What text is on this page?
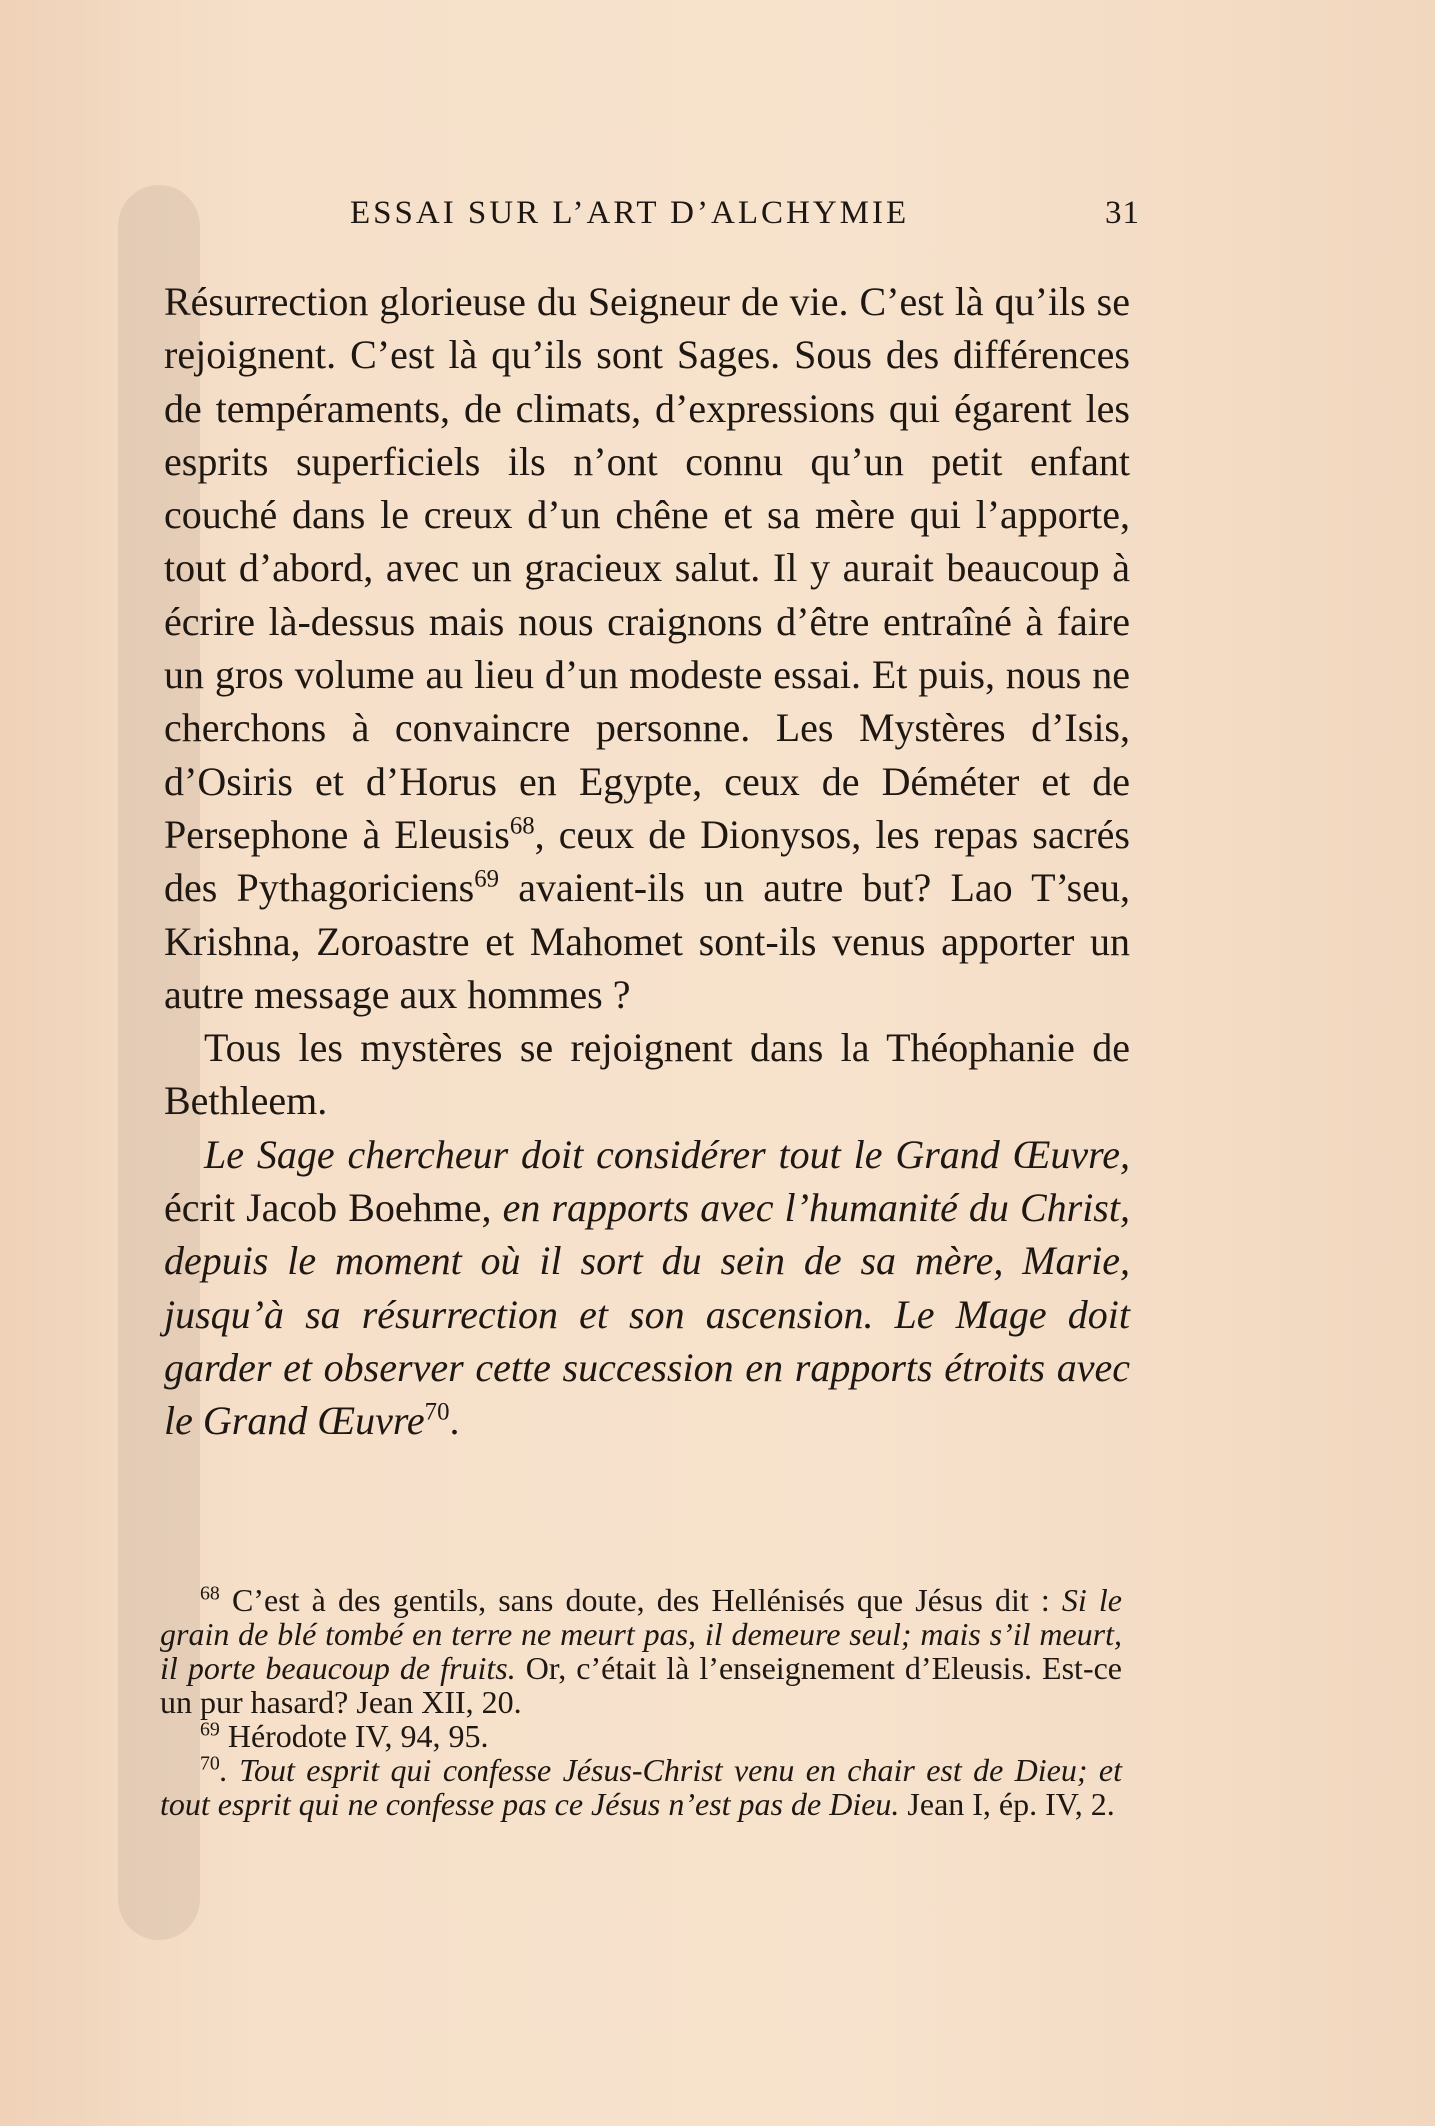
ESSAI SUR L’ART D’ALCHYMIE	31

Résurrection glorieuse du Seigneur de vie. C’est là qu’ils se rejoignent. C’est là qu’ils sont Sages. Sous des différences de tempéraments, de climats, d’expressions qui égarent les esprits superficiels ils n’ont connu qu’un petit enfant couché dans le creux d’un chêne et sa mère qui l’apporte, tout d’abord, avec un gracieux salut. Il y aurait beaucoup à écrire là-dessus mais nous craignons d’être entraîné à faire un gros volume au lieu d’un modeste essai. Et puis, nous ne cherchons à convaincre personne. Les Mystères d’Isis, d’Osiris et d’Horus en Egypte, ceux de Déméter et de Persephone à Eleusis$^{68}$, ceux de Dionysos, les repas sacrés des Pythagoriciens$^{69}$ avaient-ils un autre but? Lao T’seu, Krishna, Zoroastre et Mahomet sont-ils venus apporter un autre message aux hommes ?

Tous les mystères se rejoignent dans la Théophanie de Bethleem.

Le Sage chercheur doit considérer tout le Grand Œuvre, écrit Jacob Boehme, en rapports avec l’humanité du Christ, depuis le moment où il sort du sein de sa mère, Marie, jusqu’à sa résurrection et son ascension. Le Mage doit garder et observer cette succession en rapports étroits avec le Grand Œuvre$^{70}$.

$^{68}$ C’est à des gentils, sans doute, des Hellénisés que Jésus dit : Si le grain de blé tombé en terre ne meurt pas, il demeure seul; mais s’il meurt, il porte beaucoup de fruits. Or, c’était là l’enseignement d’Eleusis. Est-ce un pur hasard? Jean XII, 20.

$^{69}$ Hérodote IV, 94, 95.

$^{70}$. Tout esprit qui confesse Jésus-Christ venu en chair est de Dieu; et tout esprit qui ne confesse pas ce Jésus n’est pas de Dieu. Jean I, ép. IV, 2.
